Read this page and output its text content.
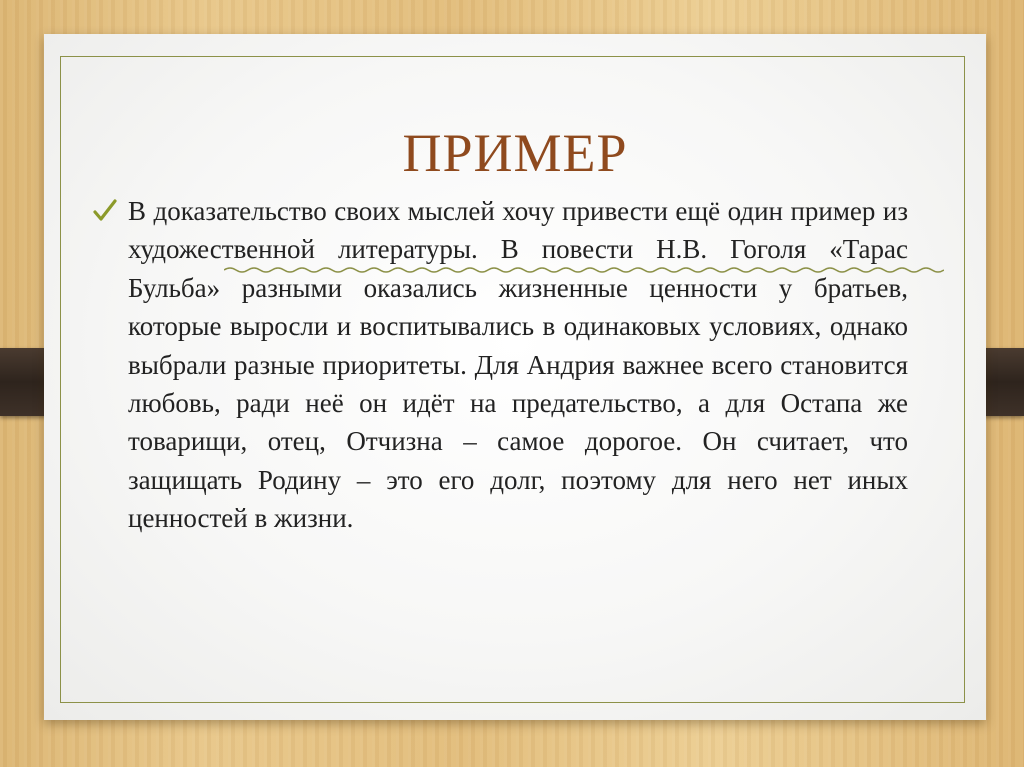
ПРИМЕР

В доказательство своих мыслей хочу привести ещё один пример из художественной литературы. В повести Н.В. Гоголя «Тарас Бульба» разными оказались жизненные ценности у братьев, которые выросли и воспитывались в одинаковых условиях, однако выбрали разные приоритеты. Для Андрия важнее всего становится любовь, ради неё он идёт на предательство, а для Остапа же товарищи, отец, Отчизна – самое дорогое. Он считает, что защищать Родину – это его долг, поэтому для него нет иных ценностей в жизни.
